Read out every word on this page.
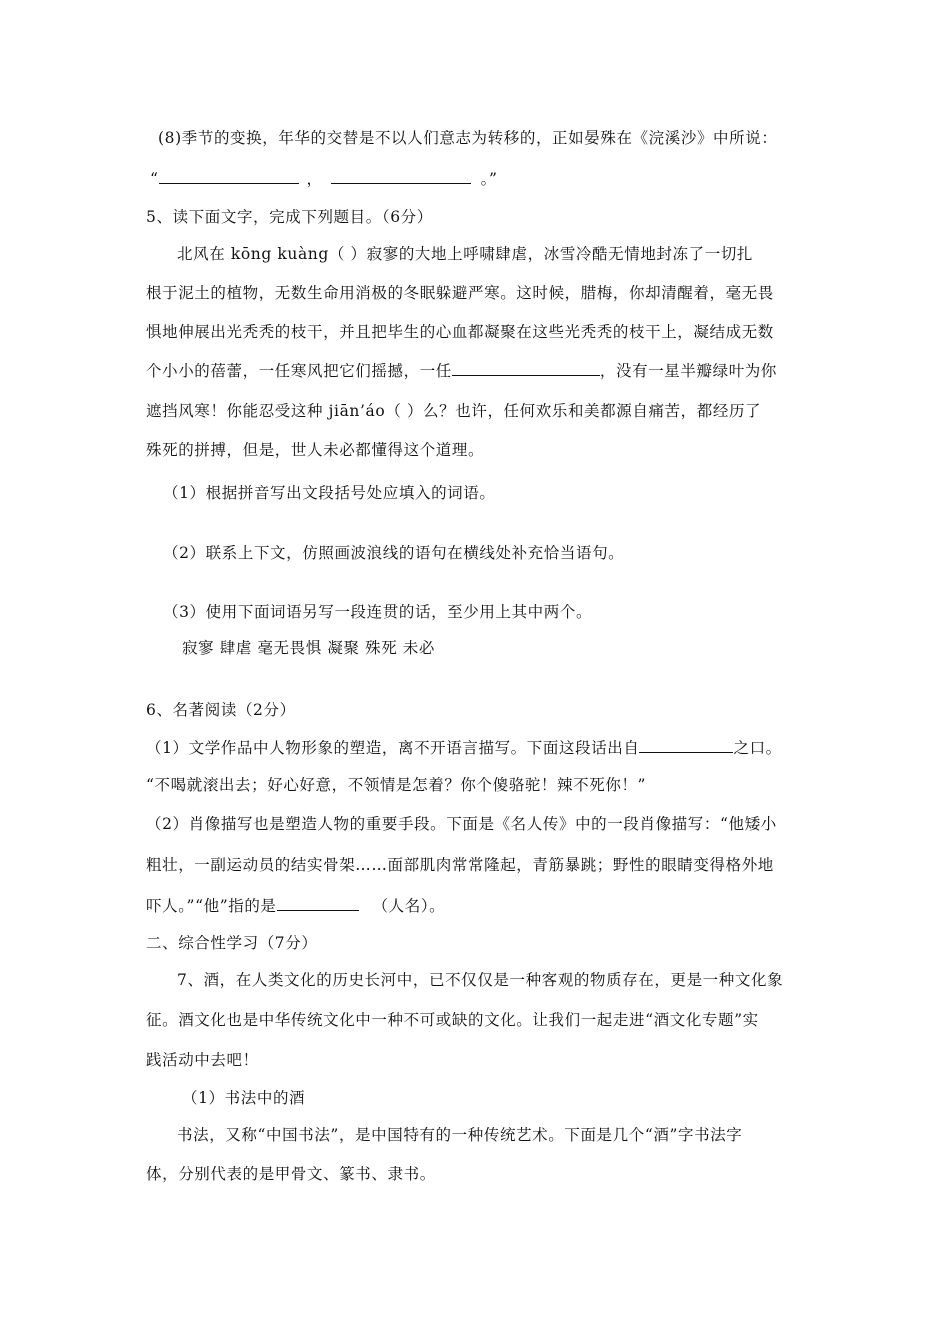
(8)季节的变换，年华的交替是不以人们意志为转移的，正如晏殊在《浣溪沙》中所说：
“	，	。”
5、读下面文字，完成下列题目。（6分）
北风在 kōng kuàng（ ）寂寥的大地上呼啸肆虐，冰雪冷酷无情地封冻了一切扎
根于泥土的植物，无数生命用消极的冬眠躲避严寒。这时候，腊梅，你却清醒着，毫无畏
惧地伸展出光秃秃的枝干，并且把毕生的心血都凝聚在这些光秃秃的枝干上，凝结成无数
个小小的蓓蕾，一任寒风把它们摇撼，一任	，没有一星半瓣绿叶为你
遮挡风寒！你能忍受这种 jiān’áo（ ）么？也许，任何欢乐和美都源自痛苦，都经历了
殊死的拼搏，但是，世人未必都懂得这个道理。
（1）根据拼音写出文段括号处应填入的词语。
（2）联系上下文，仿照画波浪线的语句在横线处补充恰当语句。
（3）使用下面词语另写一段连贯的话，至少用上其中两个。
寂寥 肆虐 毫无畏惧 凝聚 殊死 未必
6、名著阅读（2分）
（1）文学作品中人物形象的塑造，离不开语言描写。下面这段话出自	之口。
“不喝就滚出去；好心好意，不领情是怎着？你个傻骆驼！辣不死你！”
（2）肖像描写也是塑造人物的重要手段。下面是《名人传》中的一段肖像描写：“他矮小
粗壮，一副运动员的结实骨架……面部肌肉常常隆起，青筋暴跳；野性的眼睛变得格外地
吓人。”“他”指的是	（人名）。
二、综合性学习（7分）
7、酒，在人类文化的历史长河中，已不仅仅是一种客观的物质存在，更是一种文化象
征。酒文化也是中华传统文化中一种不可或缺的文化。让我们一起走进“酒文化专题”实
践活动中去吧！
（1）书法中的酒
书法，又称“中国书法”，是中国特有的一种传统艺术。下面是几个“酒”字书法字
体，分别代表的是甲骨文、篆书、隶书。
